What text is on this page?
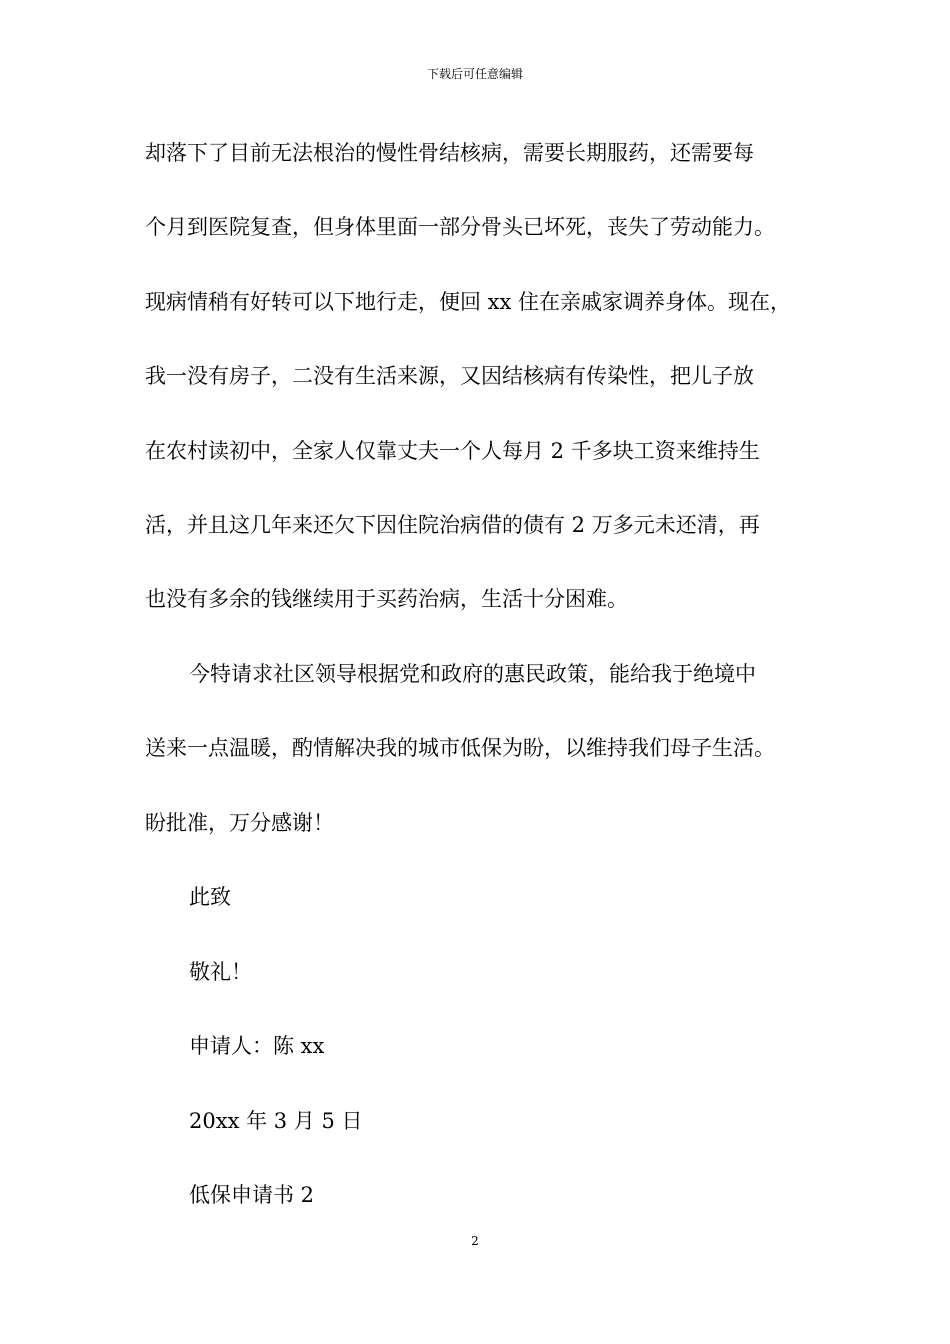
下载后可任意编辑
却落下了目前无法根治的慢性骨结核病，需要长期服药，还需要每
个月到医院复查，但身体里面一部分骨头已坏死，丧失了劳动能力。
现病情稍有好转可以下地行走，便回 xx 住在亲戚家调养身体。现在，
我一没有房子，二没有生活来源，又因结核病有传染性，把儿子放
在农村读初中，全家人仅靠丈夫一个人每月 2 千多块工资来维持生
活，并且这几年来还欠下因住院治病借的债有 2 万多元未还清，再
也没有多余的钱继续用于买药治病，生活十分困难。
今特请求社区领导根据党和政府的惠民政策，能给我于绝境中
送来一点温暖，酌情解决我的城市低保为盼，以维持我们母子生活。
盼批准，万分感谢！
此致
敬礼！
申请人：陈 xx
20xx 年 3 月 5 日
低保申请书 2
2
